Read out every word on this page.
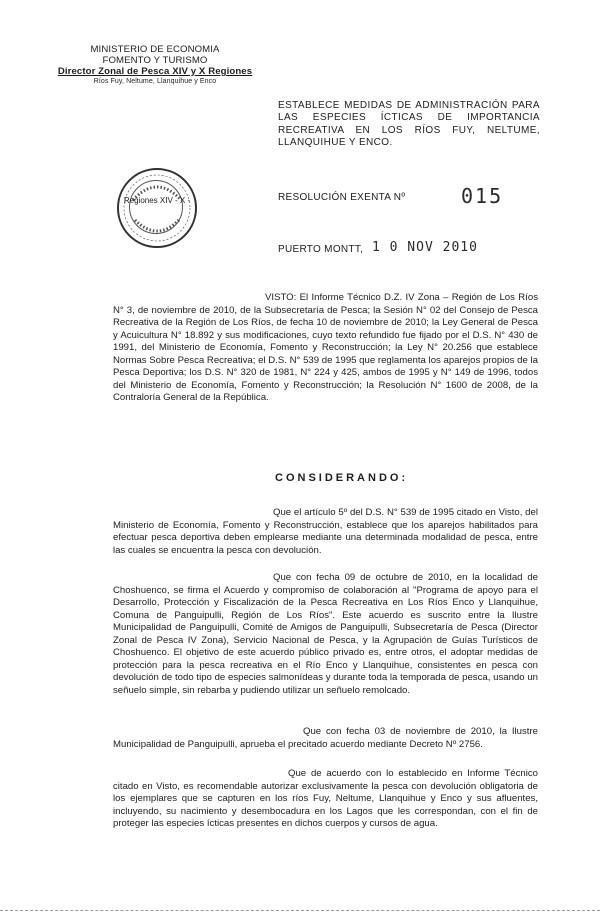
MINISTERIO DE ECONOMIA
FOMENTO Y TURISMO
Director Zonal de Pesca XIV y X Regiones
Ríos Fuy, Neltume, Llanquihue y Enco
ESTABLECE MEDIDAS DE ADMINISTRACIÓN PARA LAS ESPECIES ÍCTICAS DE IMPORTANCIA RECREATIVA EN LOS RÍOS FUY, NELTUME, LLANQUIHUE Y ENCO.
Regiones XIV - X -	RESOLUCIÓN EXENTA Nº	015
PUERTO MONTT, 1 0 NOV 2010
VISTO: El Informe Técnico D.Z. IV Zona – Región de Los Ríos N° 3, de noviembre de 2010, de la Subsecretaría de Pesca; la Sesión N° 02 del Consejo de Pesca Recreativa de la Región de Los Ríos, de fecha 10 de noviembre de 2010; la Ley General de Pesca y Acuicultura N° 18.892 y sus modificaciones, cuyo texto refundido fue fijado por el D.S. N° 430 de 1991, del Ministerio de Economía, Fomento y Reconstrucción; la Ley N° 20.256 que establece Normas Sobre Pesca Recreativa; el D.S. N° 539 de 1995 que reglamenta los aparejos propios de la Pesca Deportiva; los D.S. N° 320 de 1981, N° 224 y 425, ambos de 1995 y N° 149 de 1996, todos del Ministerio de Economía, Fomento y Reconstrucción; la Resolución N° 1600 de 2008, de la Contraloría General de la República.
CONSIDERANDO:
Que el artículo 5º del D.S. N° 539 de 1995 citado en Visto, del Ministerio de Economía, Fomento y Reconstrucción, establece que los aparejos habilitados para efectuar pesca deportiva deben emplearse mediante una determinada modalidad de pesca, entre las cuales se encuentra la pesca con devolución.
Que con fecha 09 de octubre de 2010, en la localidad de Choshuenco, se firma el Acuerdo y compromiso de colaboración al "Programa de apoyo para el Desarrollo, Protección y Fiscalización de la Pesca Recreativa en Los Ríos Enco y Llanquihue, Comuna de Panguipulli, Región de Los Ríos". Este acuerdo es suscrito entre la Ilustre Municipalidad de Panguipulli, Comité de Amigos de Panguipulli, Subsecretaría de Pesca (Director Zonal de Pesca IV Zona), Servicio Nacional de Pesca, y la Agrupación de Guías Turísticos de Choshuenco. El objetivo de este acuerdo público privado es, entre otros, el adoptar medidas de protección para la pesca recreativa en el Río Enco y Llanquihue, consistentes en pesca con devolución de todo tipo de especies salmonídeas y durante toda la temporada de pesca, usando un señuelo simple, sin rebarba y pudiendo utilizar un señuelo remolcado.
Que con fecha 03 de noviembre de 2010, la Ilustre Municipalidad de Panguipulli, aprueba el precitado acuerdo mediante Decreto Nº 2756.
Que de acuerdo con lo establecido en Informe Técnico citado en Visto, es recomendable autorizar exclusivamente la pesca con devolución obligatoria de los ejemplares que se capturen en los ríos Fuy, Neltume, Llanquihue y Enco y sus afluentes, incluyendo, su nacimiento y desembocadura en los Lagos que les correspondan, con el fin de proteger las especies ícticas presentes en dichos cuerpos y cursos de agua.
